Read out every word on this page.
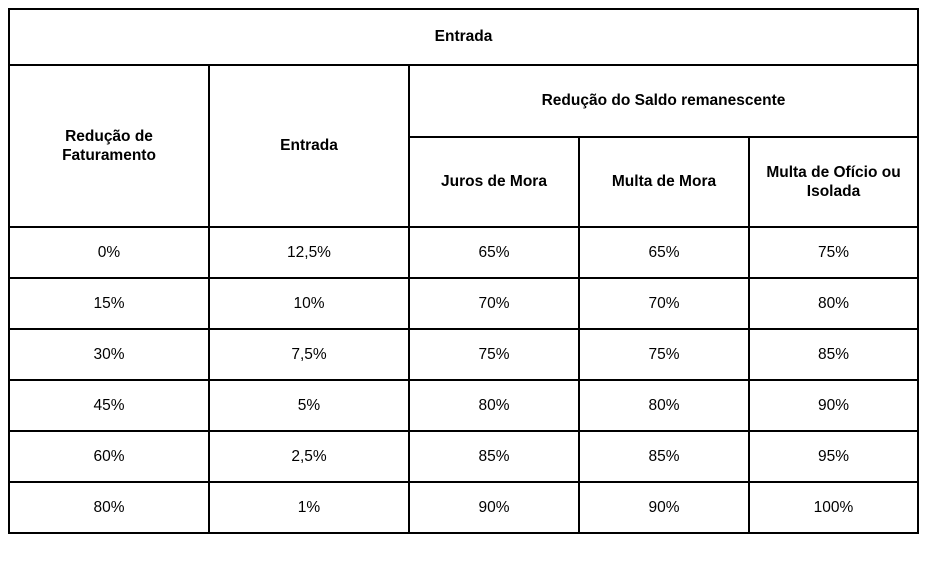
Entrada				
Redução de Faturamento	Entrada	Redução do Saldo remanescente		
		Juros de Mora	Multa de Mora	Multa de Ofício ou Isolada
0%	12,5%	65%	65%	75%
15%	10%	70%	70%	80%
30%	7,5%	75%	75%	85%
45%	5%	80%	80%	90%
60%	2,5%	85%	85%	95%
80%	1%	90%	90%	100%
